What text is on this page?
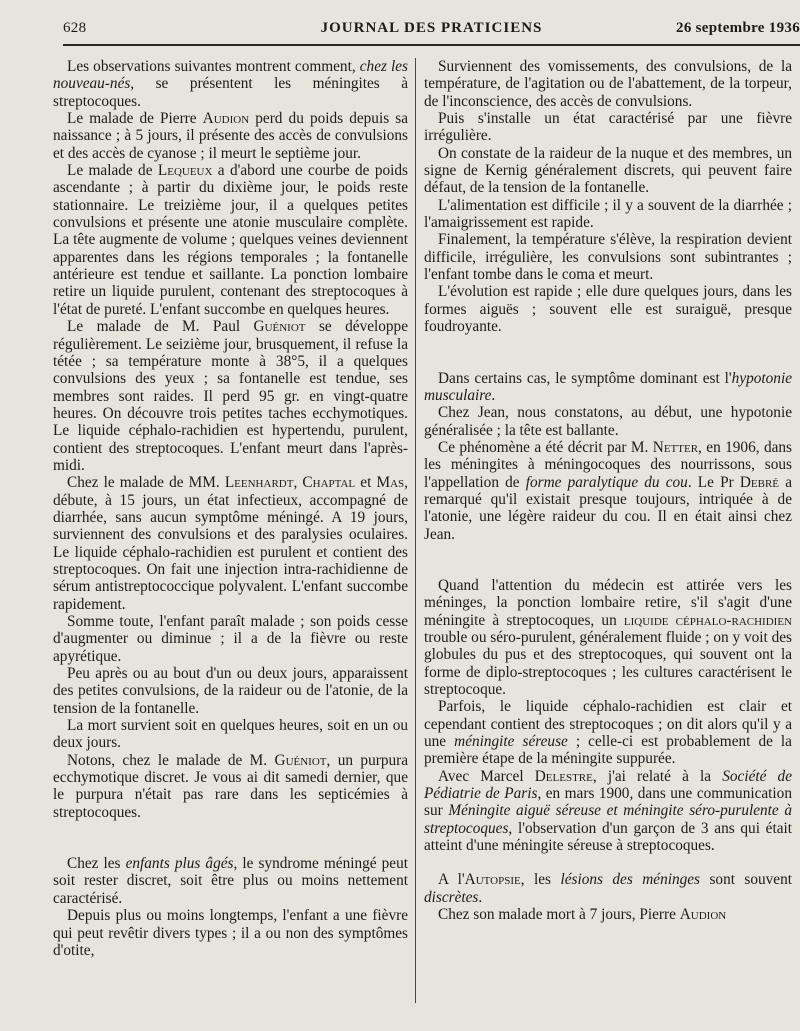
628	JOURNAL DES PRATICIENS	26 septembre 1936

Les observations suivantes montrent comment, chez les nouveau-nés, se présentent les méningites à streptocoques.

Le malade de Pierre Audion perd du poids depuis sa naissance ; à 5 jours, il présente des accès de convulsions et des accès de cyanose ; il meurt le septième jour.

Le malade de Lequeux a d'abord une courbe de poids ascendante ; à partir du dixième jour, le poids reste stationnaire. Le treizième jour, il a quelques petites convulsions et présente une atonie musculaire complète. La tête augmente de volume ; quelques veines deviennent apparentes dans les régions temporales ; la fontanelle antérieure est tendue et saillante. La ponction lombaire retire un liquide purulent, contenant des streptocoques à l'état de pureté. L'enfant succombe en quelques heures.

Le malade de M. Paul Guéniot se développe régulièrement. Le seizième jour, brusquement, il refuse la tétée ; sa température monte à 38°5, il a quelques convulsions des yeux ; sa fontanelle est tendue, ses membres sont raides. Il perd 95 gr. en vingt-quatre heures. On découvre trois petites taches ecchymotiques. Le liquide céphalo-rachidien est hypertendu, purulent, contient des streptocoques. L'enfant meurt dans l'après-midi.

Chez le malade de MM. Leenhardt, Chaptal et Mas, débute, à 15 jours, un état infectieux, accompagné de diarrhée, sans aucun symptôme méningé. A 19 jours, surviennent des convulsions et des paralysies oculaires. Le liquide céphalo-rachidien est purulent et contient des streptocoques. On fait une injection intra-rachidienne de sérum antistreptococcique polyvalent. L'enfant succombe rapidement.

Somme toute, l'enfant paraît malade ; son poids cesse d'augmenter ou diminue ; il a de la fièvre ou reste apyrétique.

Peu après ou au bout d'un ou deux jours, apparaissent des petites convulsions, de la raideur ou de l'atonie, de la tension de la fontanelle.

La mort survient soit en quelques heures, soit en un ou deux jours.

Notons, chez le malade de M. Guéniot, un purpura ecchymotique discret. Je vous ai dit samedi dernier, que le purpura n'était pas rare dans les septicémies à streptocoques.

Chez les enfants plus âgés, le syndrome méningé peut soit rester discret, soit être plus ou moins nettement caractérisé.

Depuis plus ou moins longtemps, l'enfant a une fièvre qui peut revêtir divers types ; il a ou non des symptômes d'otite,

Surviennent des vomissements, des convulsions, de la température, de l'agitation ou de l'abattement, de la torpeur, de l'inconscience, des accès de convulsions.

Puis s'installe un état caractérisé par une fièvre irrégulière.

On constate de la raideur de la nuque et des membres, un signe de Kernig généralement discrets, qui peuvent faire défaut, de la tension de la fontanelle.

L'alimentation est difficile ; il y a souvent de la diarrhée ; l'amaigrissement est rapide.

Finalement, la température s'élève, la respiration devient difficile, irrégulière, les convulsions sont subintrantes ; l'enfant tombe dans le coma et meurt.

L'évolution est rapide ; elle dure quelques jours, dans les formes aiguës ; souvent elle est suraiguë, presque foudroyante.

Dans certains cas, le symptôme dominant est l'hypotonie musculaire.

Chez Jean, nous constatons, au début, une hypotonie généralisée ; la tête est ballante.

Ce phénomène a été décrit par M. Netter, en 1906, dans les méningites à méningocoques des nourrissons, sous l'appellation de forme paralytique du cou. Le Pr Debré a remarqué qu'il existait presque toujours, intriquée à de l'atonie, une légère raideur du cou. Il en était ainsi chez Jean.

Quand l'attention du médecin est attirée vers les méninges, la ponction lombaire retire, s'il s'agit d'une méningite à streptocoques, un liquide céphalo-rachidien trouble ou séro-purulent, généralement fluide ; on y voit des globules du pus et des streptocoques, qui souvent ont la forme de diplo-streptocoques ; les cultures caractérisent le streptocoque.

Parfois, le liquide céphalo-rachidien est clair et cependant contient des streptocoques ; on dit alors qu'il y a une méningite séreuse ; celle-ci est probablement de la première étape de la méningite suppurée.

Avec Marcel Delestre, j'ai relaté à la Société de Pédiatrie de Paris, en mars 1900, dans une communication sur Méningite aiguë séreuse et méningite séro-purulente à streptocoques, l'observation d'un garçon de 3 ans qui était atteint d'une méningite séreuse à streptocoques.

A l'Autopsie, les lésions des méninges sont souvent discrètes.

Chez son malade mort à 7 jours, Pierre Audion
